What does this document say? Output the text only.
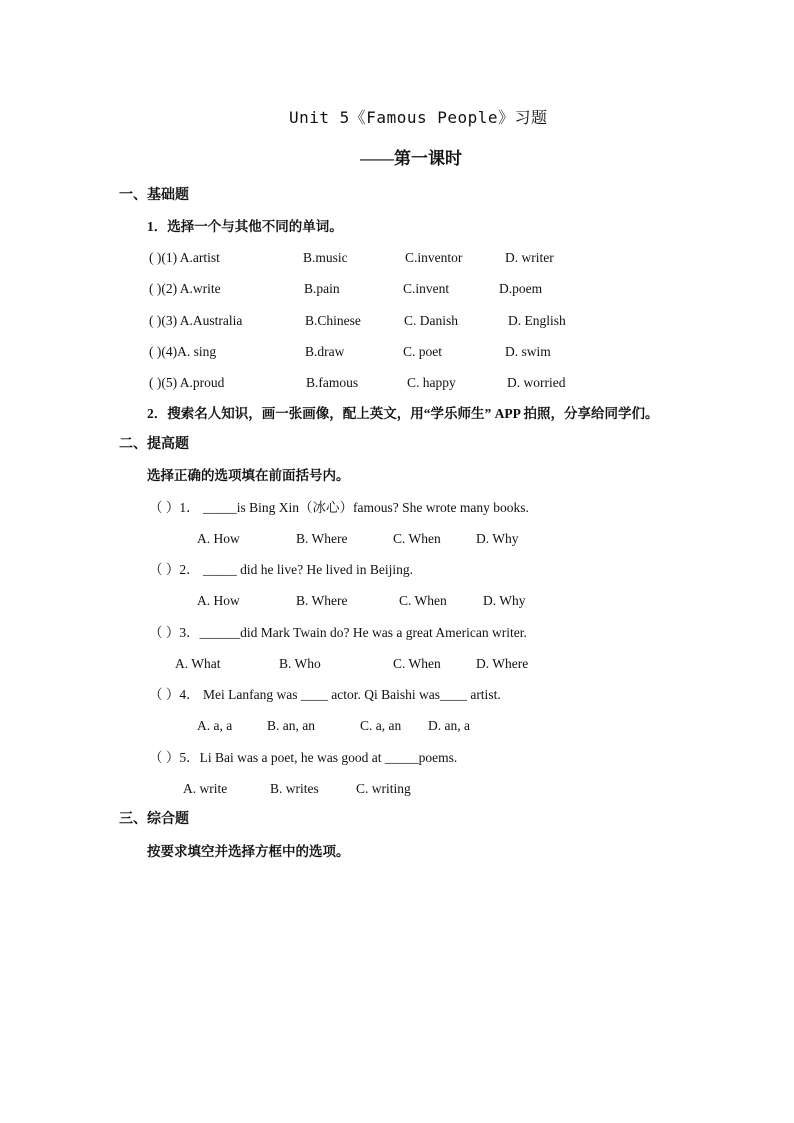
Unit 5《Famous People》习题
——第一课时
一、基础题
1．选择一个与其他不同的单词。
( )(1) A.artist	B.music	C.inventor	D. writer
( )(2) A.write	B.pain	C.invent	D.poem
( )(3) A.Australia	B.Chinese	C. Danish	D. English
( )(4)A. sing	B.draw	C. poet	D. swim
( )(5) A.proud	B.famous	C. happy	D. worried
2．搜索名人知识，画一张画像，配上英文，用“学乐师生” APP 拍照，分享给同学们。
二、提高题
选择正确的选项填在前面括号内。
（ ）1． _____is Bing Xin（冰心）famous? She wrote many books.
A. How	B. Where	C. When	D. Why
（ ）2． _____ did he live? He lived in Beijing.
A. How	B. Where	C. When	D. Why
（ ）3．______did Mark Twain do? He was a great American writer.
A. What	B. Who	C. When	D. Where
（ ）4． Mei Lanfang was ____ actor. Qi Baishi was____ artist.
A. a, a	B. an, an	C. a, an D. an, a
（ ）5．Li Bai was a poet, he was good at _____poems.
A. write	B. writes	C. writing
三、综合题
按要求填空并选择方框中的选项。
